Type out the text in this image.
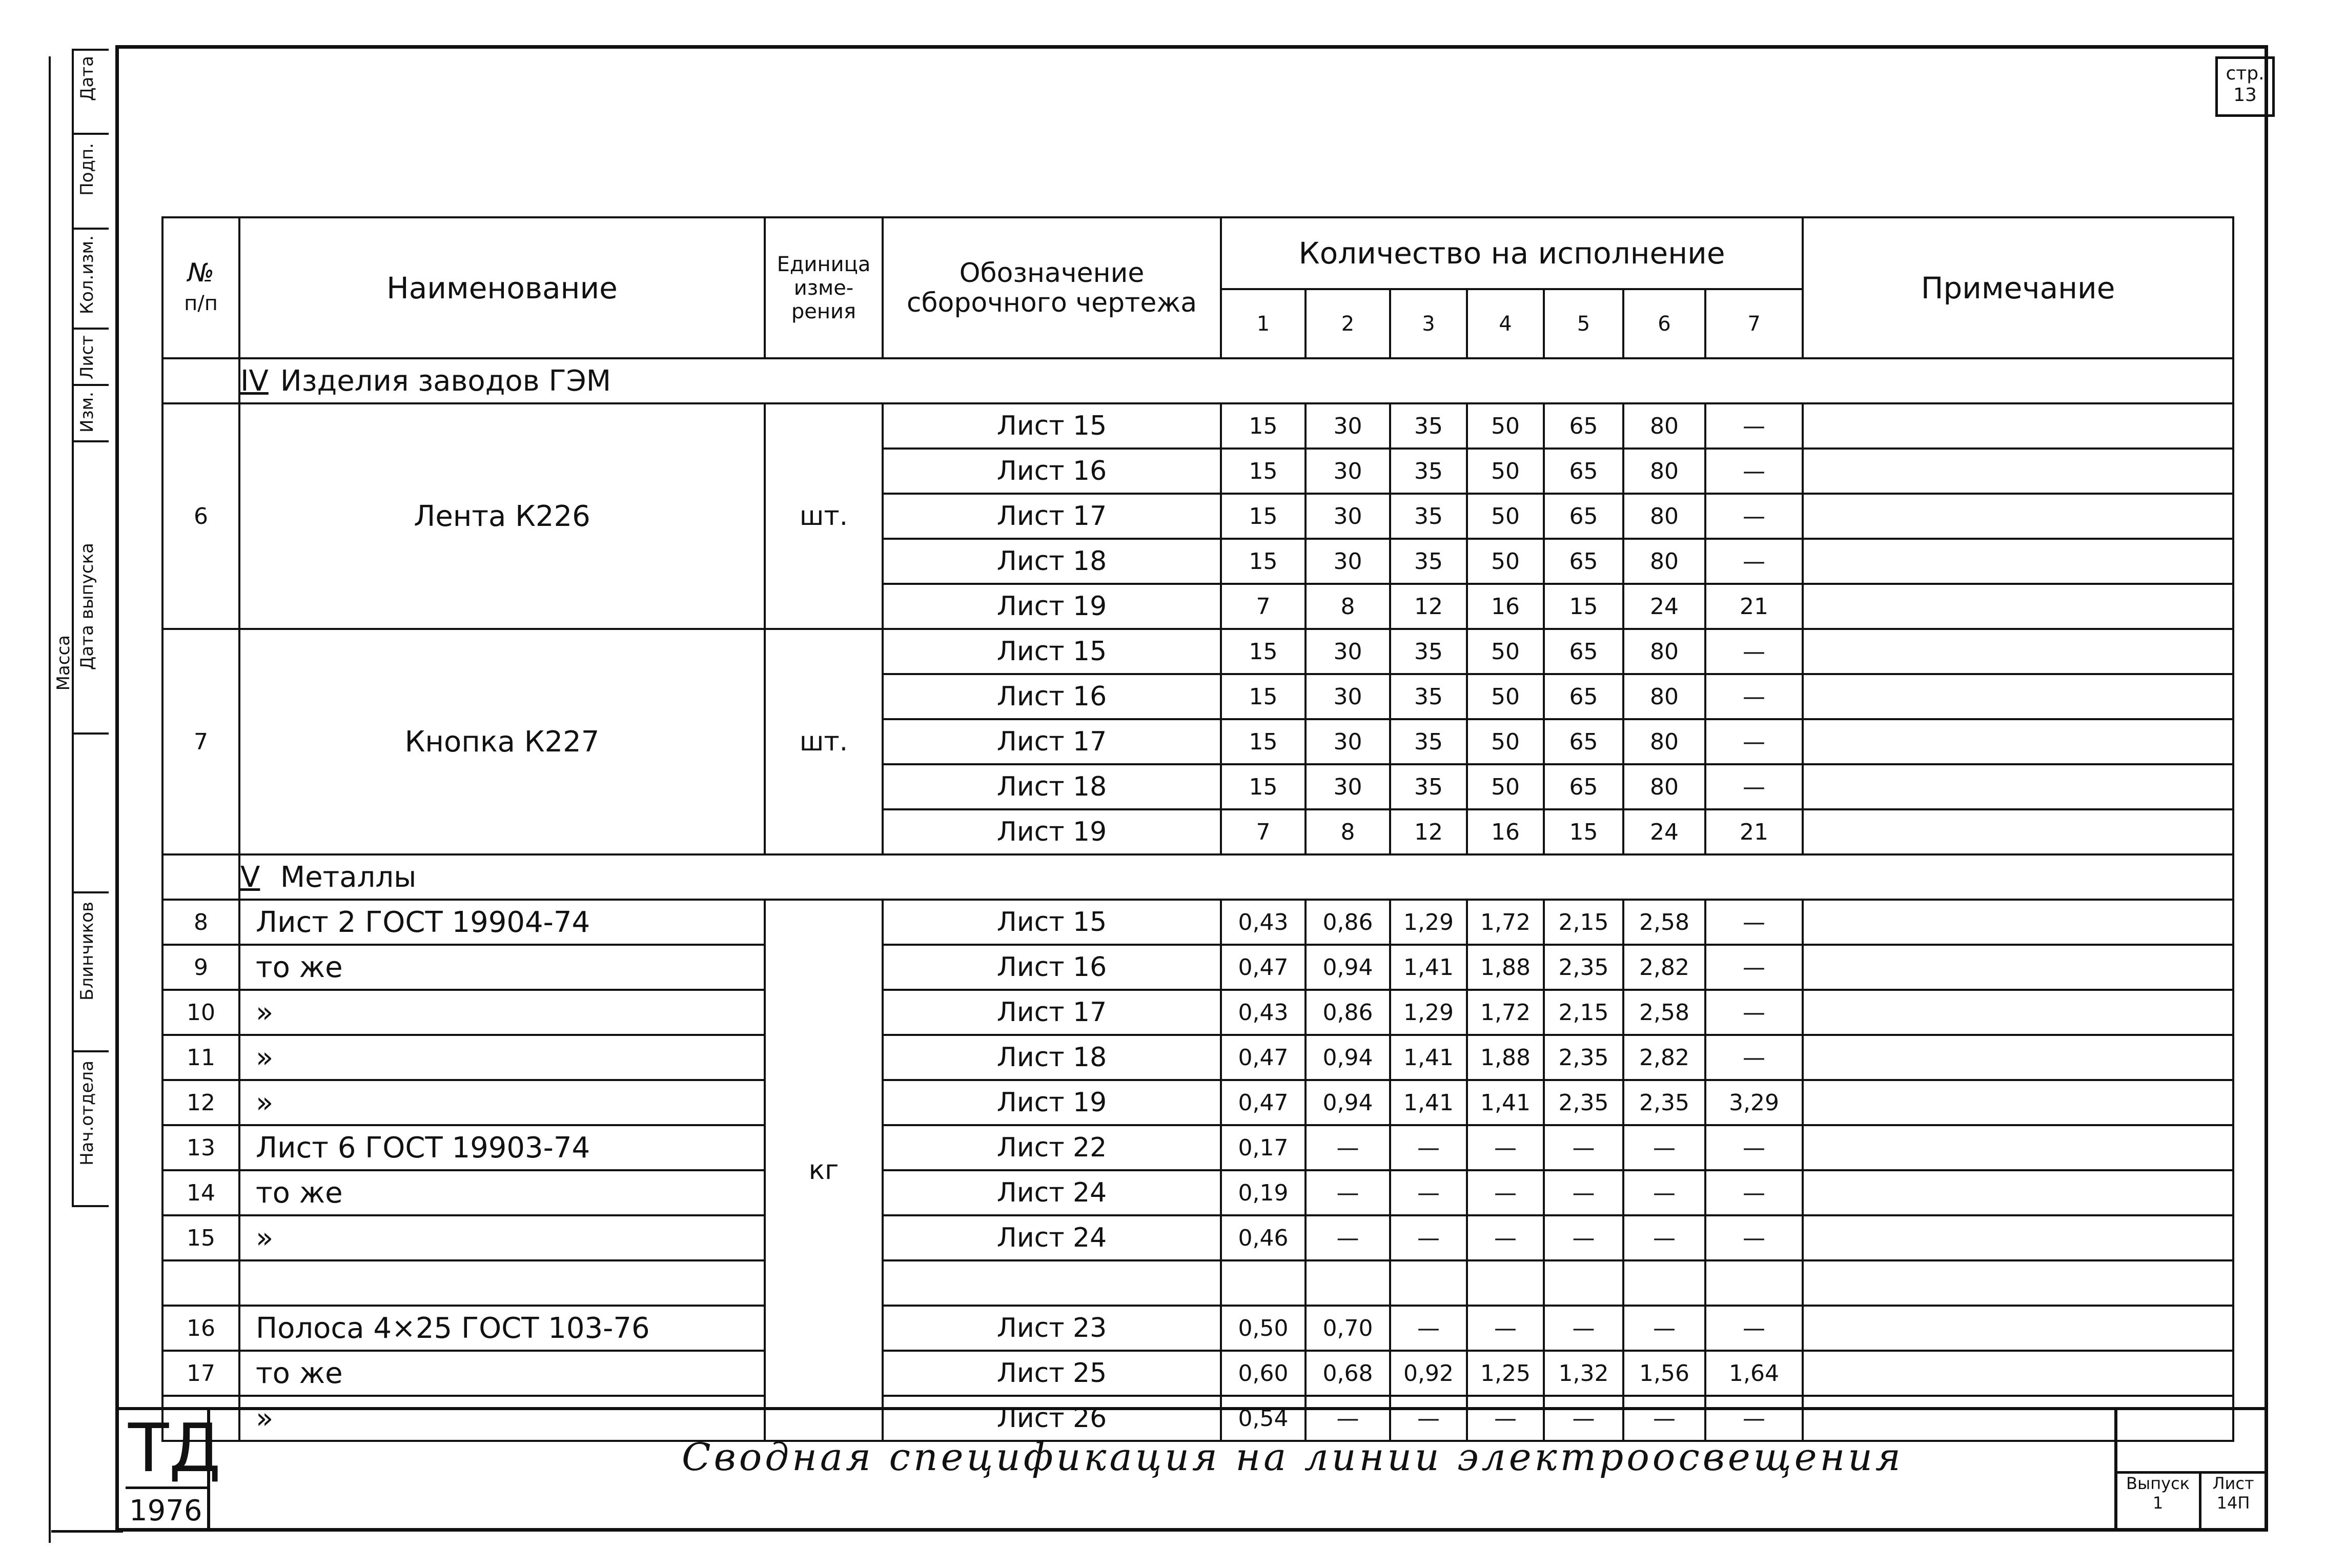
Дата
Подп.
Кол.изм.
Лист
Изм.
Дата выпуска
Масса
Блинчиков
Нач.отдела
стр.
13
№
п/п	Наименование	Единица изме-рения	Обозначение сборочного чертежа	Количество на исполнение							Примечание
				1	2	3	4	5	6	7	
	IV Изделия заводов ГЭМ										
6	Лента К226	шт.	Лист 15	15	30	35	50	65	80	—	
			Лист 16	15	30	35	50	65	80	—	
			Лист 17	15	30	35	50	65	80	—	
			Лист 18	15	30	35	50	65	80	—	
			Лист 19	7	8	12	16	15	24	21	
7	Кнопка К227	шт.	Лист 15	15	30	35	50	65	80	—	
			Лист 16	15	30	35	50	65	80	—	
			Лист 17	15	30	35	50	65	80	—	
			Лист 18	15	30	35	50	65	80	—	
			Лист 19	7	8	12	16	15	24	21	
	V Металлы										
8	Лист 2 ГОСТ 19904-74	кг	Лист 15	0,43	0,86	1,29	1,72	2,15	2,58	—	
9	то же		Лист 16	0,47	0,94	1,41	1,88	2,35	2,82	—	
10	»		Лист 17	0,43	0,86	1,29	1,72	2,15	2,58	—	
11	»		Лист 18	0,47	0,94	1,41	1,88	2,35	2,82	—	
12	»		Лист 19	0,47	0,94	1,41	1,41	2,35	2,35	3,29	
13	Лист 6 ГОСТ 19903-74		Лист 22	0,17	—	—	—	—	—	—	
14	то же		Лист 24	0,19	—	—	—	—	—	—	
15	»		Лист 24	0,46	—	—	—	—	—	—	

16	Полоса 4×25 ГОСТ 103-76		Лист 23	0,50	0,70	—	—	—	—	—	
17	то же		Лист 25	0,60	0,68	0,92	1,25	1,32	1,56	1,64	
	»		Лист 26	0,54	—	—	—	—	—	—	
ТД
1976
Сводная спецификация на линии электроосвещения
Выпуск
1
Лист
14П
